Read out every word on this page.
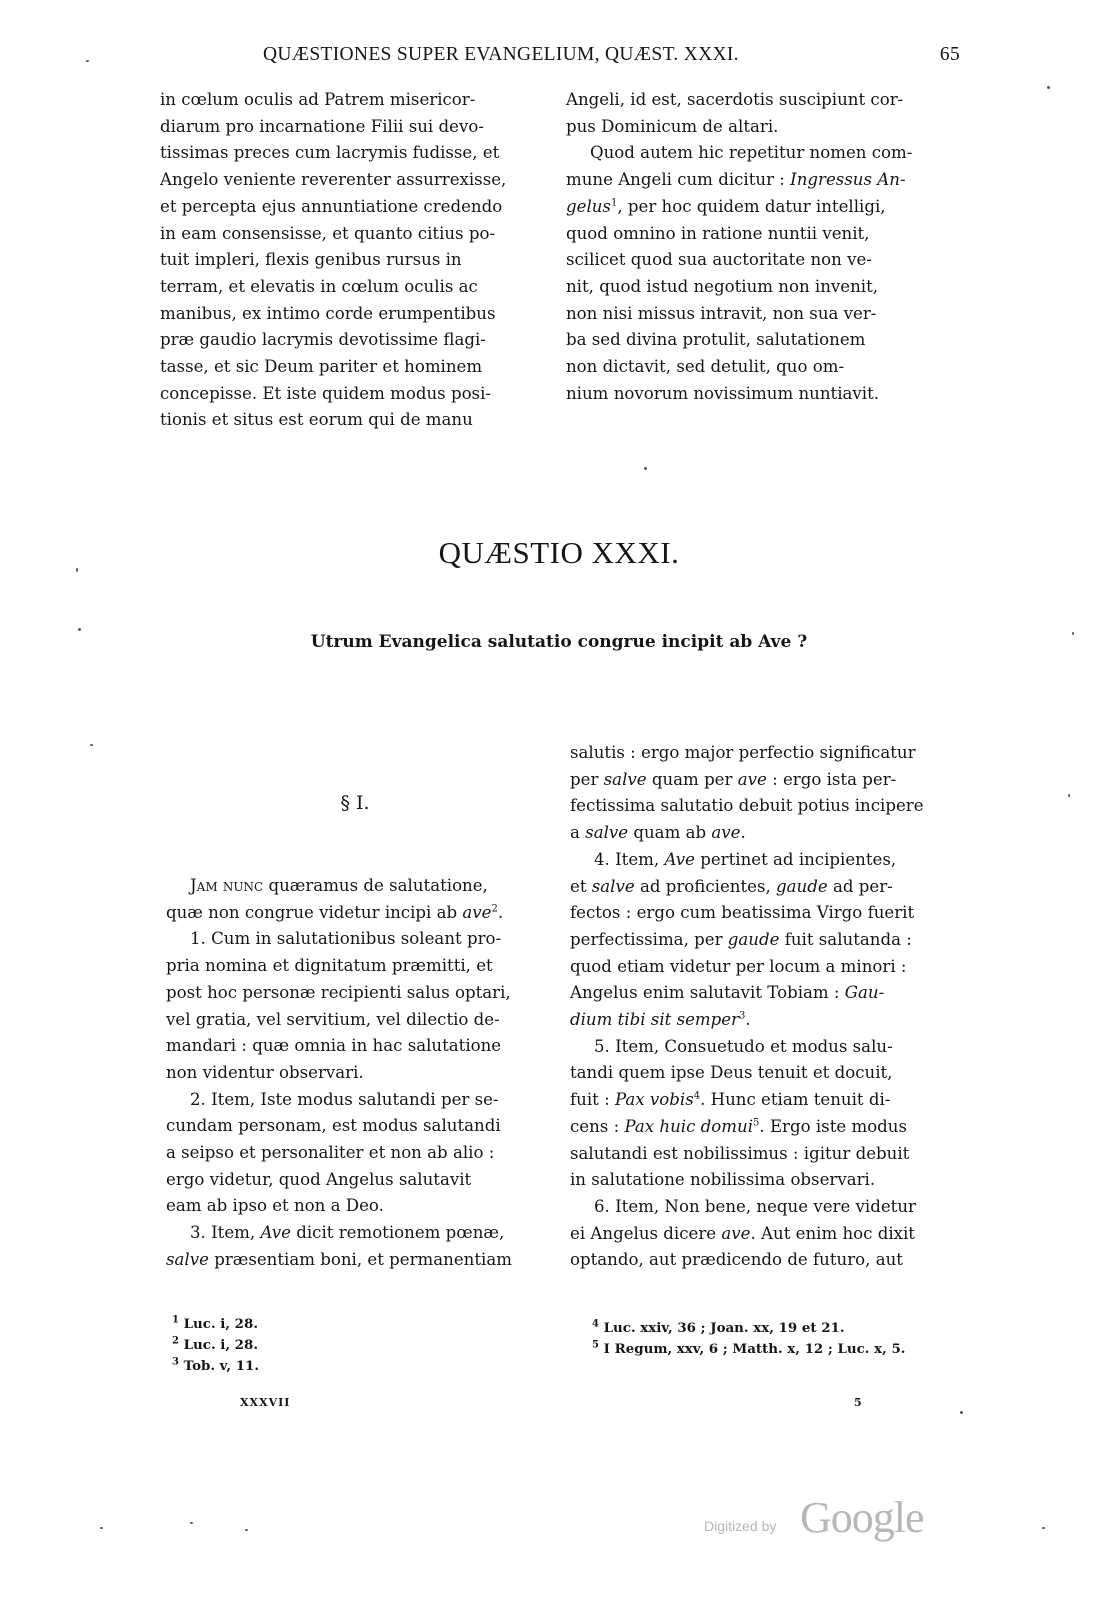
QUÆSTIONES SUPER EVANGELIUM, QUÆST. XXXI.	65
in cœlum oculis ad Patrem misericor-
diarum pro incarnatione Filii sui devo-
tissimas preces cum lacrymis fudisse, et
Angelo veniente reverenter assurrexisse,
et percepta ejus annuntiatione credendo
in eam consensisse, et quanto citius po-
tuit impleri, flexis genibus rursus in
terram, et elevatis in cœlum oculis ac
manibus, ex intimo corde erumpentibus
præ gaudio lacrymis devotissime flagi-
tasse, et sic Deum pariter et hominem
concepisse. Et iste quidem modus posi-
tionis et situs est eorum qui de manu
Angeli, id est, sacerdotis suscipiunt cor-
pus Dominicum de altari.
Quod autem hic repetitur nomen com-
mune Angeli cum dicitur : Ingressus An-
gelus$^1$, per hoc quidem datur intelligi,
quod omnino in ratione nuntii venit,
scilicet quod sua auctoritate non ve-
nit, quod istud negotium non invenit,
non nisi missus intravit, non sua ver-
ba sed divina protulit, salutationem
non dictavit, sed detulit, quo om-
nium novorum novissimum nuntiavit.
QUÆSTIO XXXI.
Utrum Evangelica salutatio congrue incipit ab Ave ?
§ I.
Jam nunc quæramus de salutatione,
quæ non congrue videtur incipi ab ave$^2$.
1. Cum in salutationibus soleant pro-
pria nomina et dignitatum præmitti, et
post hoc personæ recipienti salus optari,
vel gratia, vel servitium, vel dilectio de-
mandari : quæ omnia in hac salutatione
non videntur observari.
2. Item, Iste modus salutandi per se-
cundam personam, est modus salutandi
a seipso et personaliter et non ab alio :
ergo videtur, quod Angelus salutavit
eam ab ipso et non a Deo.
3. Item, Ave dicit remotionem pœnæ,
salve præsentiam boni, et permanentiam
salutis : ergo major perfectio significatur
per salve quam per ave : ergo ista per-
fectissima salutatio debuit potius incipere
a salve quam ab ave.
4. Item, Ave pertinet ad incipientes,
et salve ad proficientes, gaude ad per-
fectos : ergo cum beatissima Virgo fuerit
perfectissima, per gaude fuit salutanda :
quod etiam videtur per locum a minori :
Angelus enim salutavit Tobiam : Gau-
dium tibi sit semper$^3$.
5. Item, Consuetudo et modus salu-
tandi quem ipse Deus tenuit et docuit,
fuit : Pax vobis$^4$. Hunc etiam tenuit di-
cens : Pax huic domui$^5$. Ergo iste modus
salutandi est nobilissimus : igitur debuit
in salutatione nobilissima observari.
6. Item, Non bene, neque vere videtur
ei Angelus dicere ave. Aut enim hoc dixit
optando, aut prædicendo de futuro, aut
$^1$ Luc. i, 28.
$^2$ Luc. i, 28.
$^3$ Tob. v, 11.
$^4$ Luc. xxiv, 36 ; Joan. xx, 19 et 21.
$^5$ I Regum, xxv, 6 ; Matth. x, 12 ; Luc. x, 5.
XXXVII	5
Digitized by Google
